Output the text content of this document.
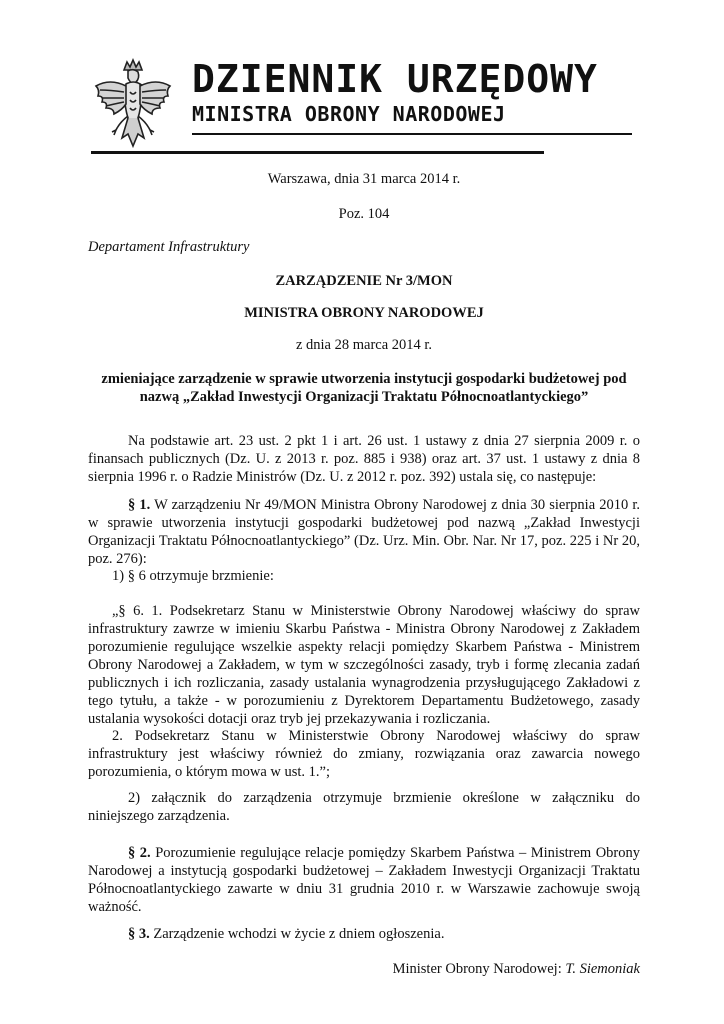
DZIENNIK URZĘDOWY
MINISTRA OBRONY NARODOWEJ
Warszawa, dnia 31 marca 2014 r.
Poz. 104
Departament Infrastruktury
ZARZĄDZENIE Nr 3/MON
MINISTRA OBRONY NARODOWEJ
z dnia 28 marca 2014 r.
zmieniające zarządzenie w sprawie utworzenia instytucji gospodarki budżetowej pod nazwą „Zakład Inwestycji Organizacji Traktatu Północnoatlantyckiego”
Na podstawie art. 23 ust. 2 pkt 1 i art. 26 ust. 1 ustawy z dnia 27 sierpnia 2009 r. o finansach publicznych (Dz. U. z 2013 r. poz. 885 i 938) oraz art. 37 ust. 1 ustawy z dnia 8 sierpnia 1996 r. o Radzie Ministrów (Dz. U. z 2012 r. poz. 392) ustala się, co następuje:
§ 1. W zarządzeniu Nr 49/MON Ministra Obrony Narodowej z dnia 30 sierpnia 2010 r. w sprawie utworzenia instytucji gospodarki budżetowej pod nazwą „Zakład Inwestycji Organizacji Traktatu Północnoatlantyckiego” (Dz. Urz. Min. Obr. Nar. Nr 17, poz. 225 i Nr 20, poz. 276):
1) § 6 otrzymuje brzmienie:
„§ 6. 1. Podsekretarz Stanu w Ministerstwie Obrony Narodowej właściwy do spraw infrastruktury zawrze w imieniu Skarbu Państwa - Ministra Obrony Narodowej z Zakładem porozumienie regulujące wszelkie aspekty relacji pomiędzy Skarbem Państwa - Ministrem Obrony Narodowej a Zakładem, w tym w szczególności zasady, tryb i formę zlecania zadań publicznych i ich rozliczania, zasady ustalania wynagrodzenia przysługującego Zakładowi z tego tytułu, a także - w porozumieniu z Dyrektorem Departamentu Budżetowego, zasady ustalania wysokości dotacji oraz tryb jej przekazywania i rozliczania.
2. Podsekretarz Stanu w Ministerstwie Obrony Narodowej właściwy do spraw infrastruktury jest właściwy również do zmiany, rozwiązania oraz zawarcia nowego porozumienia, o którym mowa w ust. 1.”;
2) załącznik do zarządzenia otrzymuje brzmienie określone w załączniku do niniejszego zarządzenia.
§ 2. Porozumienie regulujące relacje pomiędzy Skarbem Państwa – Ministrem Obrony Narodowej a instytucją gospodarki budżetowej – Zakładem Inwestycji Organizacji Traktatu Północnoatlantyckiego zawarte w dniu 31 grudnia 2010 r. w Warszawie zachowuje swoją ważność.
§ 3. Zarządzenie wchodzi w życie z dniem ogłoszenia.
Minister Obrony Narodowej: T. Siemoniak
